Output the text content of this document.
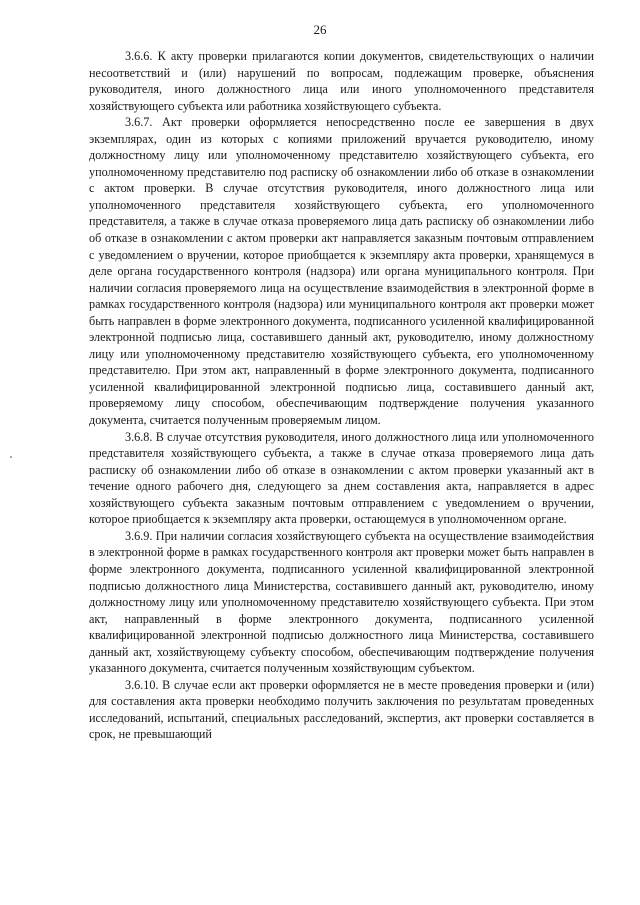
26

3.6.6. К акту проверки прилагаются копии документов, свидетельствующих о наличии несоответствий и (или) нарушений по вопросам, подлежащим проверке, объяснения руководителя, иного должностного лица или иного уполномоченного представителя хозяйствующего субъекта или работника хозяйствующего субъекта.

3.6.7. Акт проверки оформляется непосредственно после ее завершения в двух экземплярах, один из которых с копиями приложений вручается руководителю, иному должностному лицу или уполномоченному представителю хозяйствующего субъекта, его уполномоченному представителю под расписку об ознакомлении либо об отказе в ознакомлении с актом проверки. В случае отсутствия руководителя, иного должностного лица или уполномоченного представителя хозяйствующего субъекта, его уполномоченного представителя, а также в случае отказа проверяемого лица дать расписку об ознакомлении либо об отказе в ознакомлении с актом проверки акт направляется заказным почтовым отправлением с уведомлением о вручении, которое приобщается к экземпляру акта проверки, хранящемуся в деле органа государственного контроля (надзора) или органа муниципального контроля. При наличии согласия проверяемого лица на осуществление взаимодействия в электронной форме в рамках государственного контроля (надзора) или муниципального контроля акт проверки может быть направлен в форме электронного документа, подписанного усиленной квалифицированной электронной подписью лица, составившего данный акт, руководителю, иному должностному лицу или уполномоченному представителю хозяйствующего субъекта, его уполномоченному представителю. При этом акт, направленный в форме электронного документа, подписанного усиленной квалифицированной электронной подписью лица, составившего данный акт, проверяемому лицу способом, обеспечивающим подтверждение получения указанного документа, считается полученным проверяемым лицом.

3.6.8. В случае отсутствия руководителя, иного должностного лица или уполномоченного представителя хозяйствующего субъекта, а также в случае отказа проверяемого лица дать расписку об ознакомлении либо об отказе в ознакомлении с актом проверки указанный акт в течение одного рабочего дня, следующего за днем составления акта, направляется в адрес хозяйствующего субъекта заказным почтовым отправлением с уведомлением о вручении, которое приобщается к экземпляру акта проверки, остающемуся в уполномоченном органе.

3.6.9. При наличии согласия хозяйствующего субъекта на осуществление взаимодействия в электронной форме в рамках государственного контроля акт проверки может быть направлен в форме электронного документа, подписанного усиленной квалифицированной электронной подписью должностного лица Министерства, составившего данный акт, руководителю, иному должностному лицу или уполномоченному представителю хозяйствующего субъекта. При этом акт, направленный в форме электронного документа, подписанного усиленной квалифицированной электронной подписью должностного лица Министерства, составившего данный акт, хозяйствующему субъекту способом, обеспечивающим подтверждение получения указанного документа, считается полученным хозяйствующим субъектом.

3.6.10. В случае если акт проверки оформляется не в месте проведения проверки и (или) для составления акта проверки необходимо получить заключения по результатам проведенных исследований, испытаний, специальных расследований, экспертиз, акт проверки составляется в срок, не превышающий
